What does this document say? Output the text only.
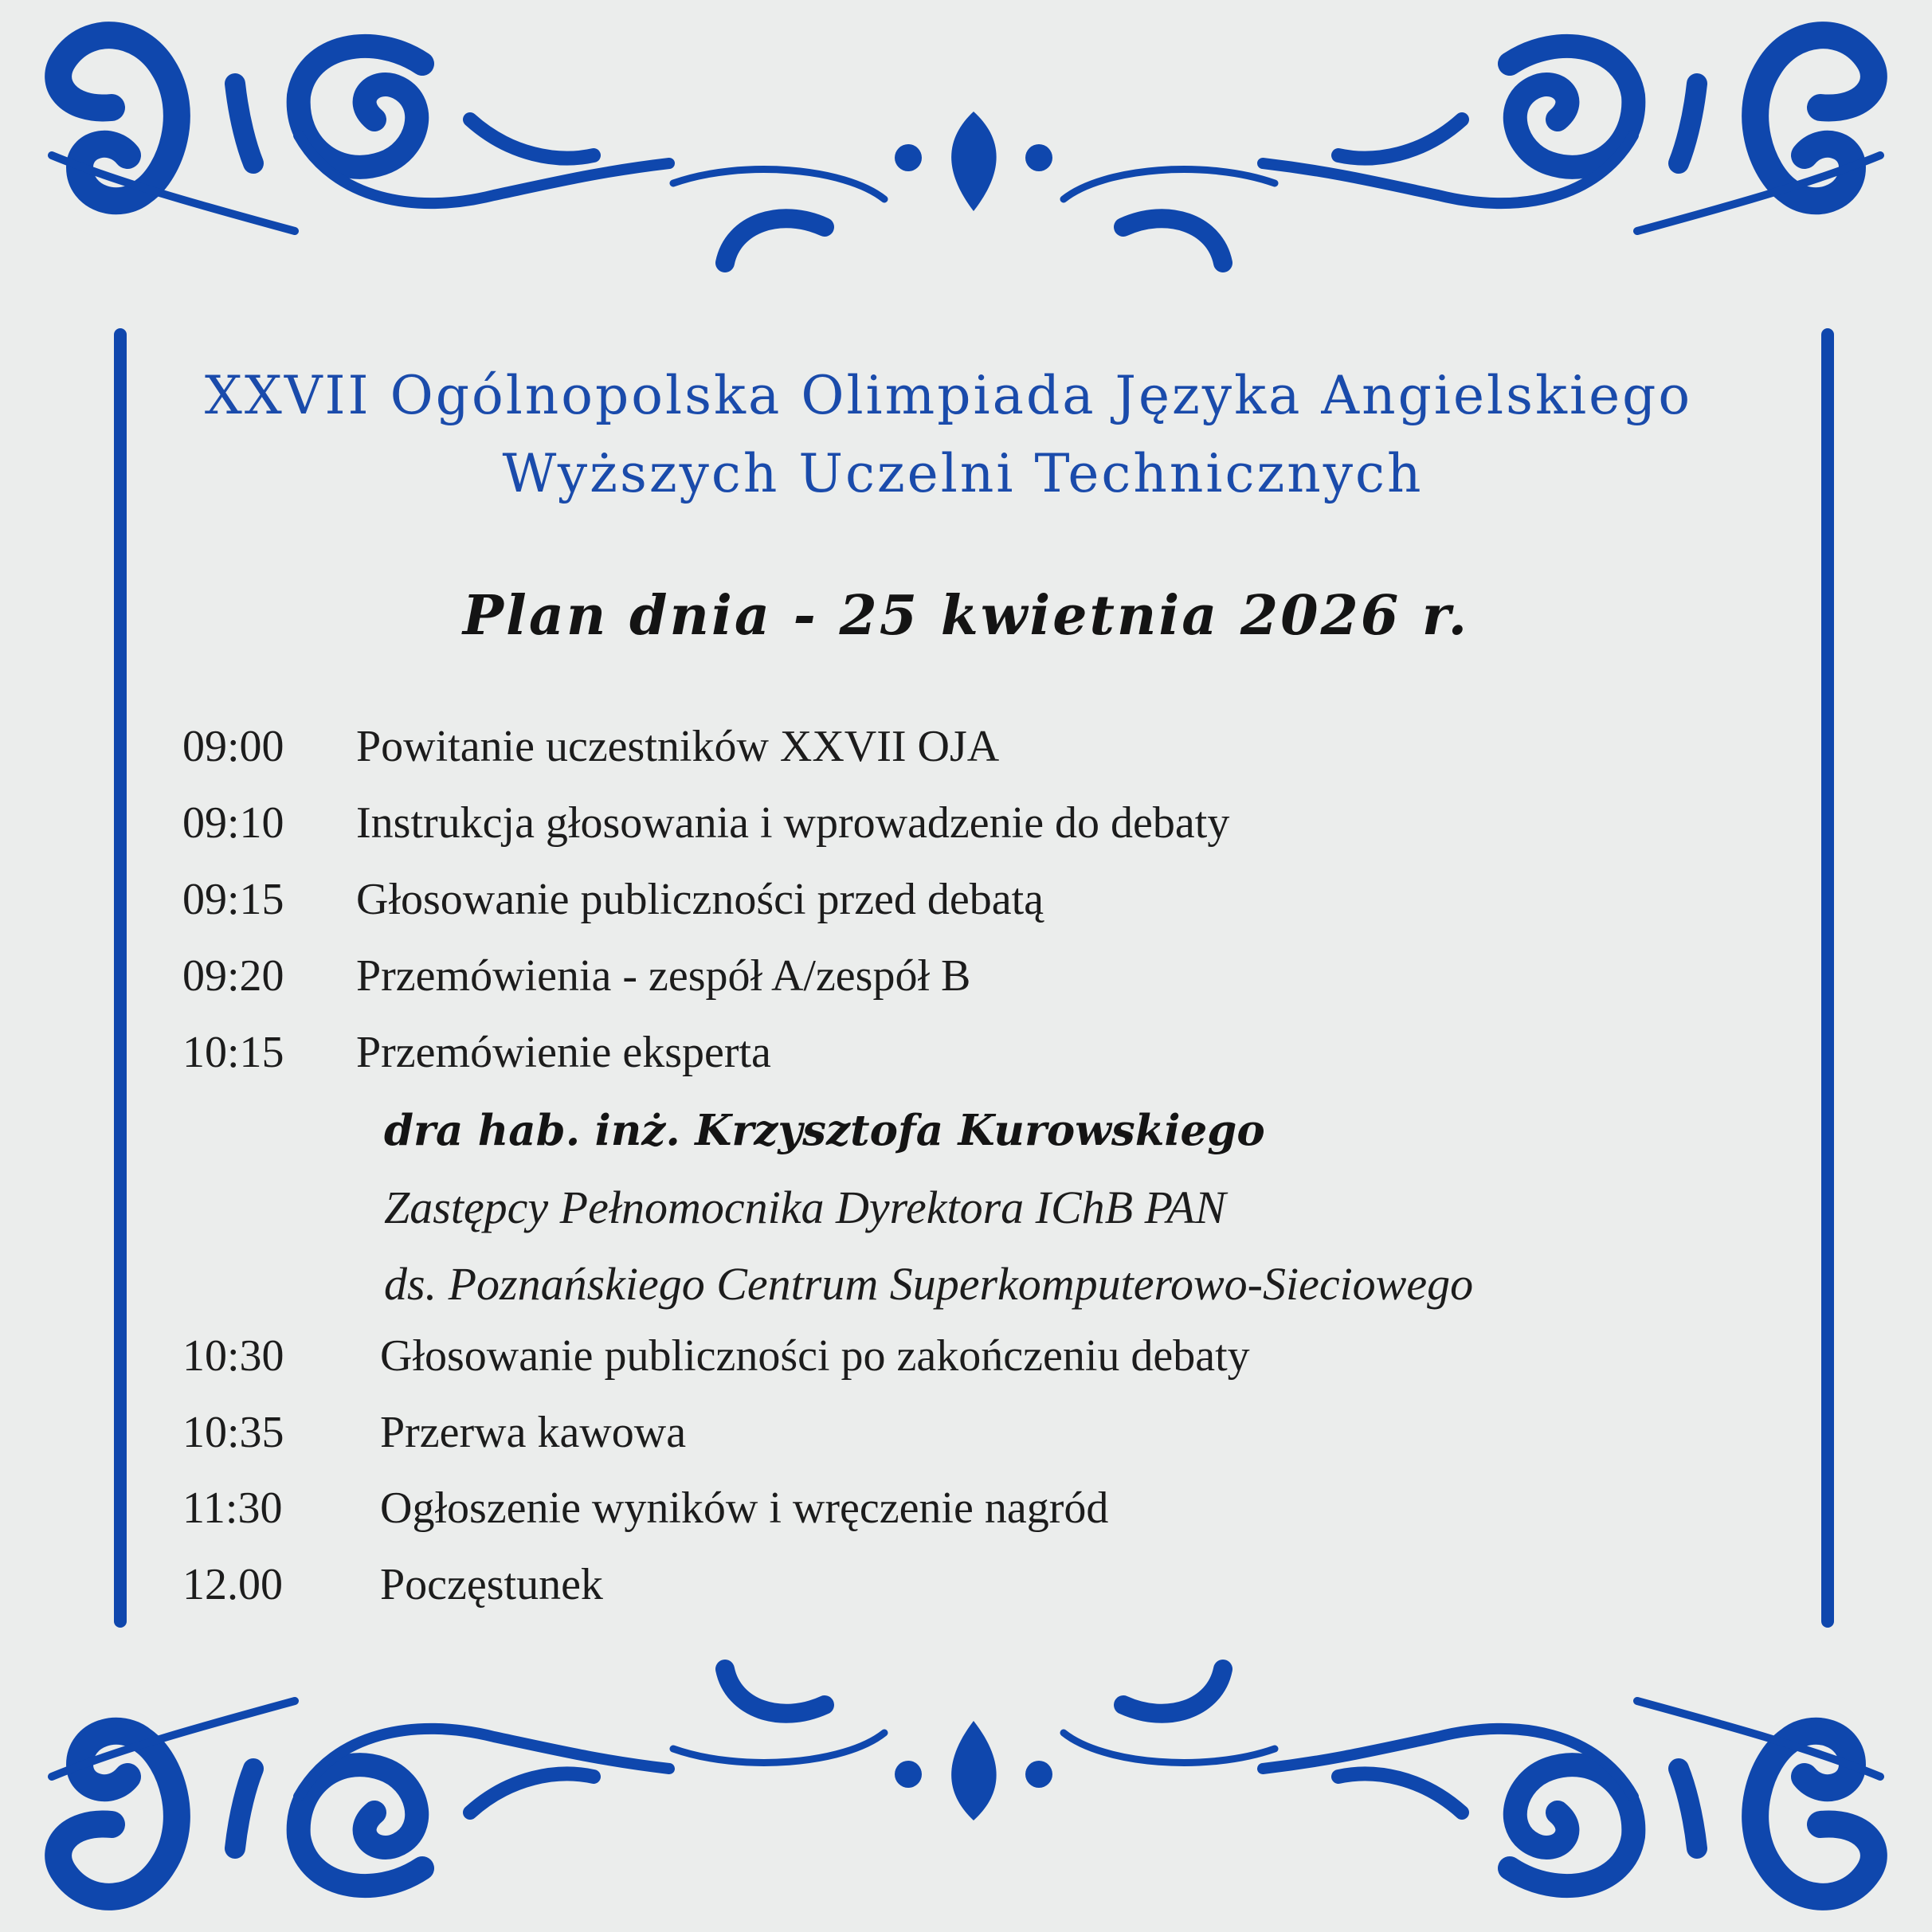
XXVII Ogólnopolska Olimpiada Języka Angielskiego
Wyższych Uczelni Technicznych
Plan dnia - 25 kwietnia 2026 r.
09:00 Powitanie uczestników XXVII OJA
09:10 Instrukcja głosowania i wprowadzenie do debaty
09:15 Głosowanie publiczności przed debatą
09:20 Przemówienia - zespół A/zespół B
10:15 Przemówienie eksperta
dra hab. inż. Krzysztofa Kurowskiego
Zastępcy Pełnomocnika Dyrektora IChB PAN
ds. Poznańskiego Centrum Superkomputerowo-Sieciowego
10:30 Głosowanie publiczności po zakończeniu debaty
10:35 Przerwa kawowa
11:30 Ogłoszenie wyników i wręczenie nagród
12.00 Poczęstunek
